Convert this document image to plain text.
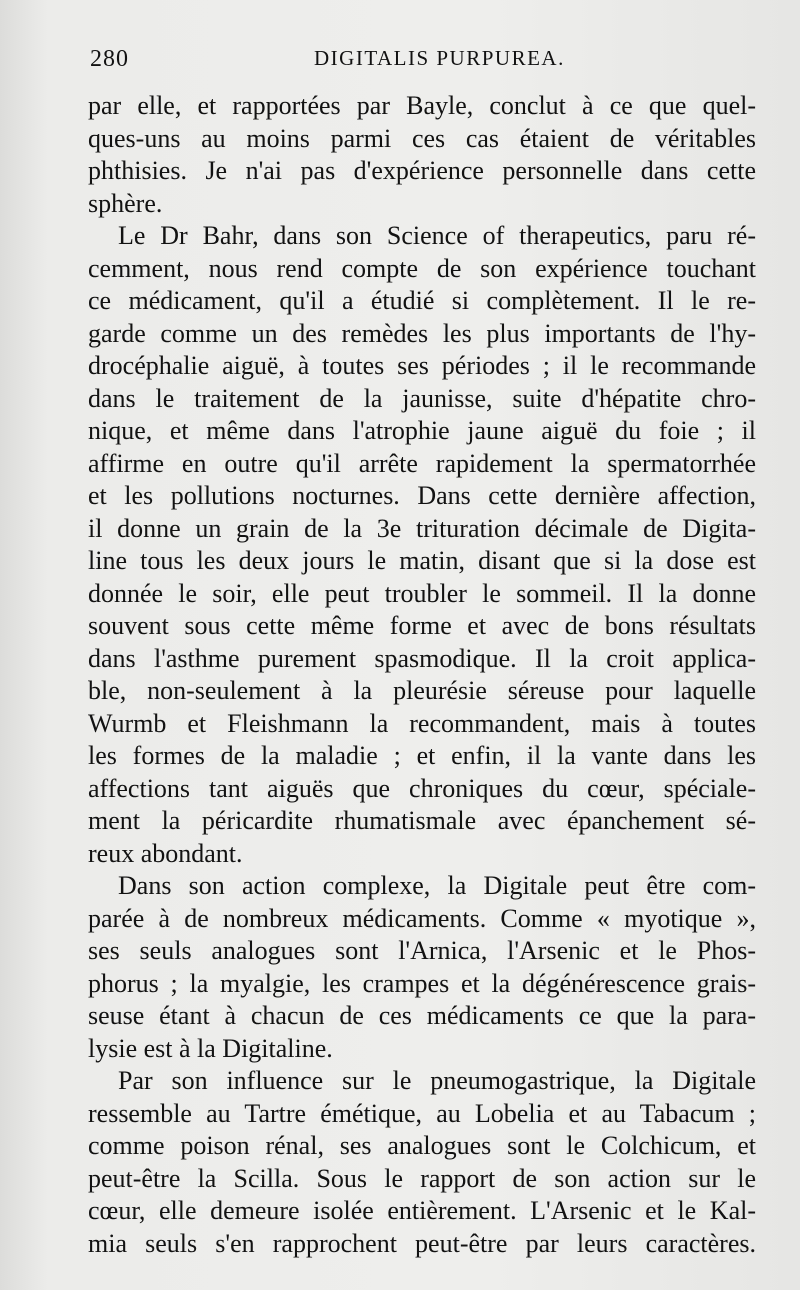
280	DIGITALIS PURPUREA.
par elle, et rapportées par Bayle, conclut à ce que quel-
ques-uns au moins parmi ces cas étaient de véritables
phthisies. Je n'ai pas d'expérience personnelle dans cette
sphère.
Le Dr Bahr, dans son Science of therapeutics, paru ré-
cemment, nous rend compte de son expérience touchant
ce médicament, qu'il a étudié si complètement. Il le re-
garde comme un des remèdes les plus importants de l'hy-
drocéphalie aiguë, à toutes ses périodes ; il le recommande
dans le traitement de la jaunisse, suite d'hépatite chro-
nique, et même dans l'atrophie jaune aiguë du foie ; il
affirme en outre qu'il arrête rapidement la spermatorrhée
et les pollutions nocturnes. Dans cette dernière affection,
il donne un grain de la 3e trituration décimale de Digita-
line tous les deux jours le matin, disant que si la dose est
donnée le soir, elle peut troubler le sommeil. Il la donne
souvent sous cette même forme et avec de bons résultats
dans l'asthme purement spasmodique. Il la croit applica-
ble, non-seulement à la pleurésie séreuse pour laquelle
Wurmb et Fleishmann la recommandent, mais à toutes
les formes de la maladie ; et enfin, il la vante dans les
affections tant aiguës que chroniques du cœur, spéciale-
ment la péricardite rhumatismale avec épanchement sé-
reux abondant.
Dans son action complexe, la Digitale peut être com-
parée à de nombreux médicaments. Comme « myotique »,
ses seuls analogues sont l'Arnica, l'Arsenic et le Phos-
phorus ; la myalgie, les crampes et la dégénérescence grais-
seuse étant à chacun de ces médicaments ce que la para-
lysie est à la Digitaline.
Par son influence sur le pneumogastrique, la Digitale
ressemble au Tartre émétique, au Lobelia et au Tabacum ;
comme poison rénal, ses analogues sont le Colchicum, et
peut-être la Scilla. Sous le rapport de son action sur le
cœur, elle demeure isolée entièrement. L'Arsenic et le Kal-
mia seuls s'en rapprochent peut-être par leurs caractères.
